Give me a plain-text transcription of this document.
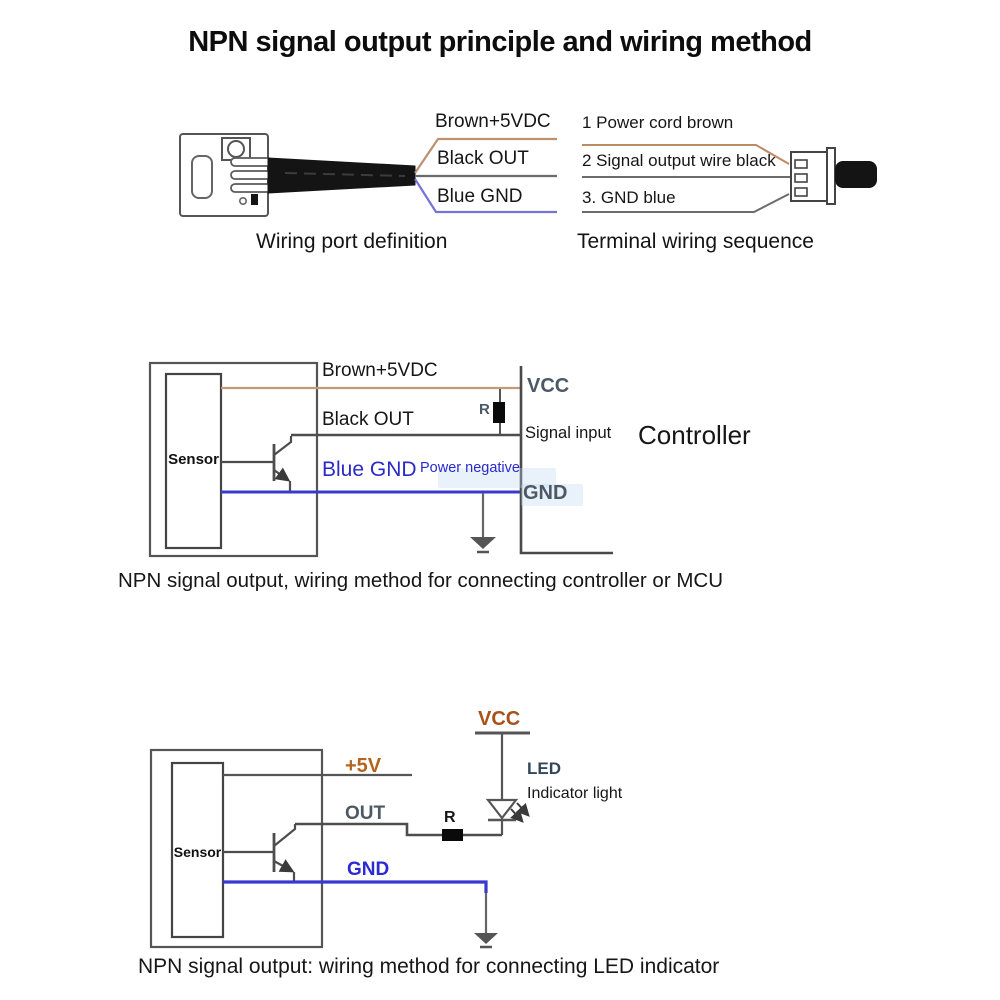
NPN signal output principle and wiring method
Brown+5VDC
Black OUT
Blue GND
1 Power cord brown
2 Signal output wire black
3. GND blue
Wiring port definition	Terminal wiring sequence
Sensor
Brown+5VDC
Black OUT
Blue GND Power negative
R
VCC
Signal input
GND
Controller
NPN signal output, wiring method for connecting controller or MCU
Sensor
+5V
OUT
GND
R
VCC
LED
Indicator light
NPN signal output: wiring method for connecting LED indicator
